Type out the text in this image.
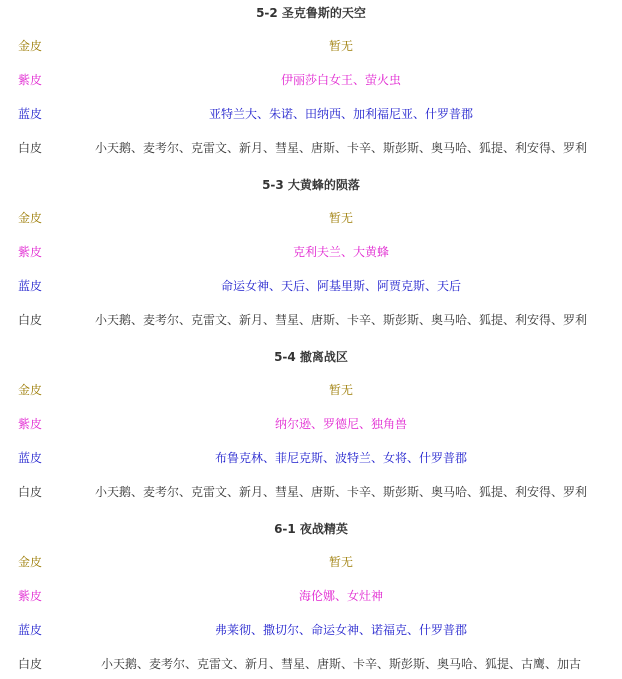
5-2 圣克鲁斯的天空
金皮	暂无
紫皮	伊丽莎白女王、萤火虫
蓝皮	亚特兰大、朱诺、田纳西、加利福尼亚、什罗普郡
白皮	小天鹅、麦考尔、克雷文、新月、彗星、唐斯、卡辛、斯彭斯、奥马哈、狐提、利安得、罗利
5-3 大黄蜂的陨落
金皮	暂无
紫皮	克利夫兰、大黄蜂
蓝皮	命运女神、天后、阿基里斯、阿贾克斯、天后
白皮	小天鹅、麦考尔、克雷文、新月、彗星、唐斯、卡辛、斯彭斯、奥马哈、狐提、利安得、罗利
5-4 撤离战区
金皮	暂无
紫皮	纳尔逊、罗德尼、独角兽
蓝皮	布鲁克林、菲尼克斯、波特兰、女将、什罗普郡
白皮	小天鹅、麦考尔、克雷文、新月、彗星、唐斯、卡辛、斯彭斯、奥马哈、狐提、利安得、罗利
6-1 夜战精英
金皮	暂无
紫皮	海伦娜、女灶神
蓝皮	弗莱彻、撒切尔、命运女神、诺福克、什罗普郡
白皮	小天鹅、麦考尔、克雷文、新月、彗星、唐斯、卡辛、斯彭斯、奥马哈、狐提、古鹰、加古
